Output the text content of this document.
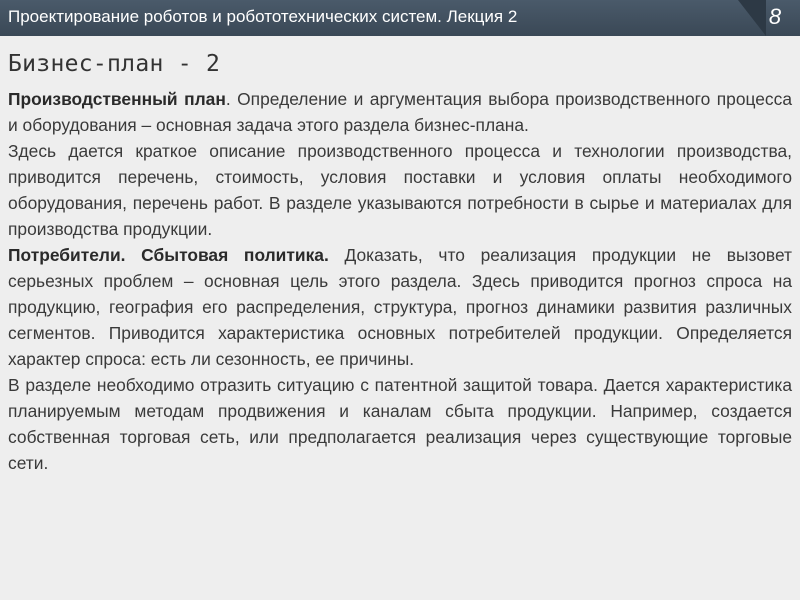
Проектирование роботов и робототехнических систем. Лекция 2	8
Бизнес-план - 2

Производственный план. Определение и аргументация выбора производственного процесса и оборудования – основная задача этого раздела бизнес-плана.

Здесь дается краткое описание производственного процесса и технологии производства, приводится перечень, стоимость, условия поставки и условия оплаты необходимого оборудования, перечень работ. В разделе указываются потребности в сырье и материалах для производства продукции.

Потребители. Сбытовая политика. Доказать, что реализация продукции не вызовет серьезных проблем – основная цель этого раздела. Здесь приводится прогноз спроса на продукцию, география его распределения, структура, прогноз динамики развития различных сегментов. Приводится характеристика основных потребителей продукции. Определяется характер спроса: есть ли сезонность, ее причины.

В разделе необходимо отразить ситуацию с патентной защитой товара. Дается характеристика планируемым методам продвижения и каналам сбыта продукции. Например, создается собственная торговая сеть, или предполагается реализация через существующие торговые сети.
